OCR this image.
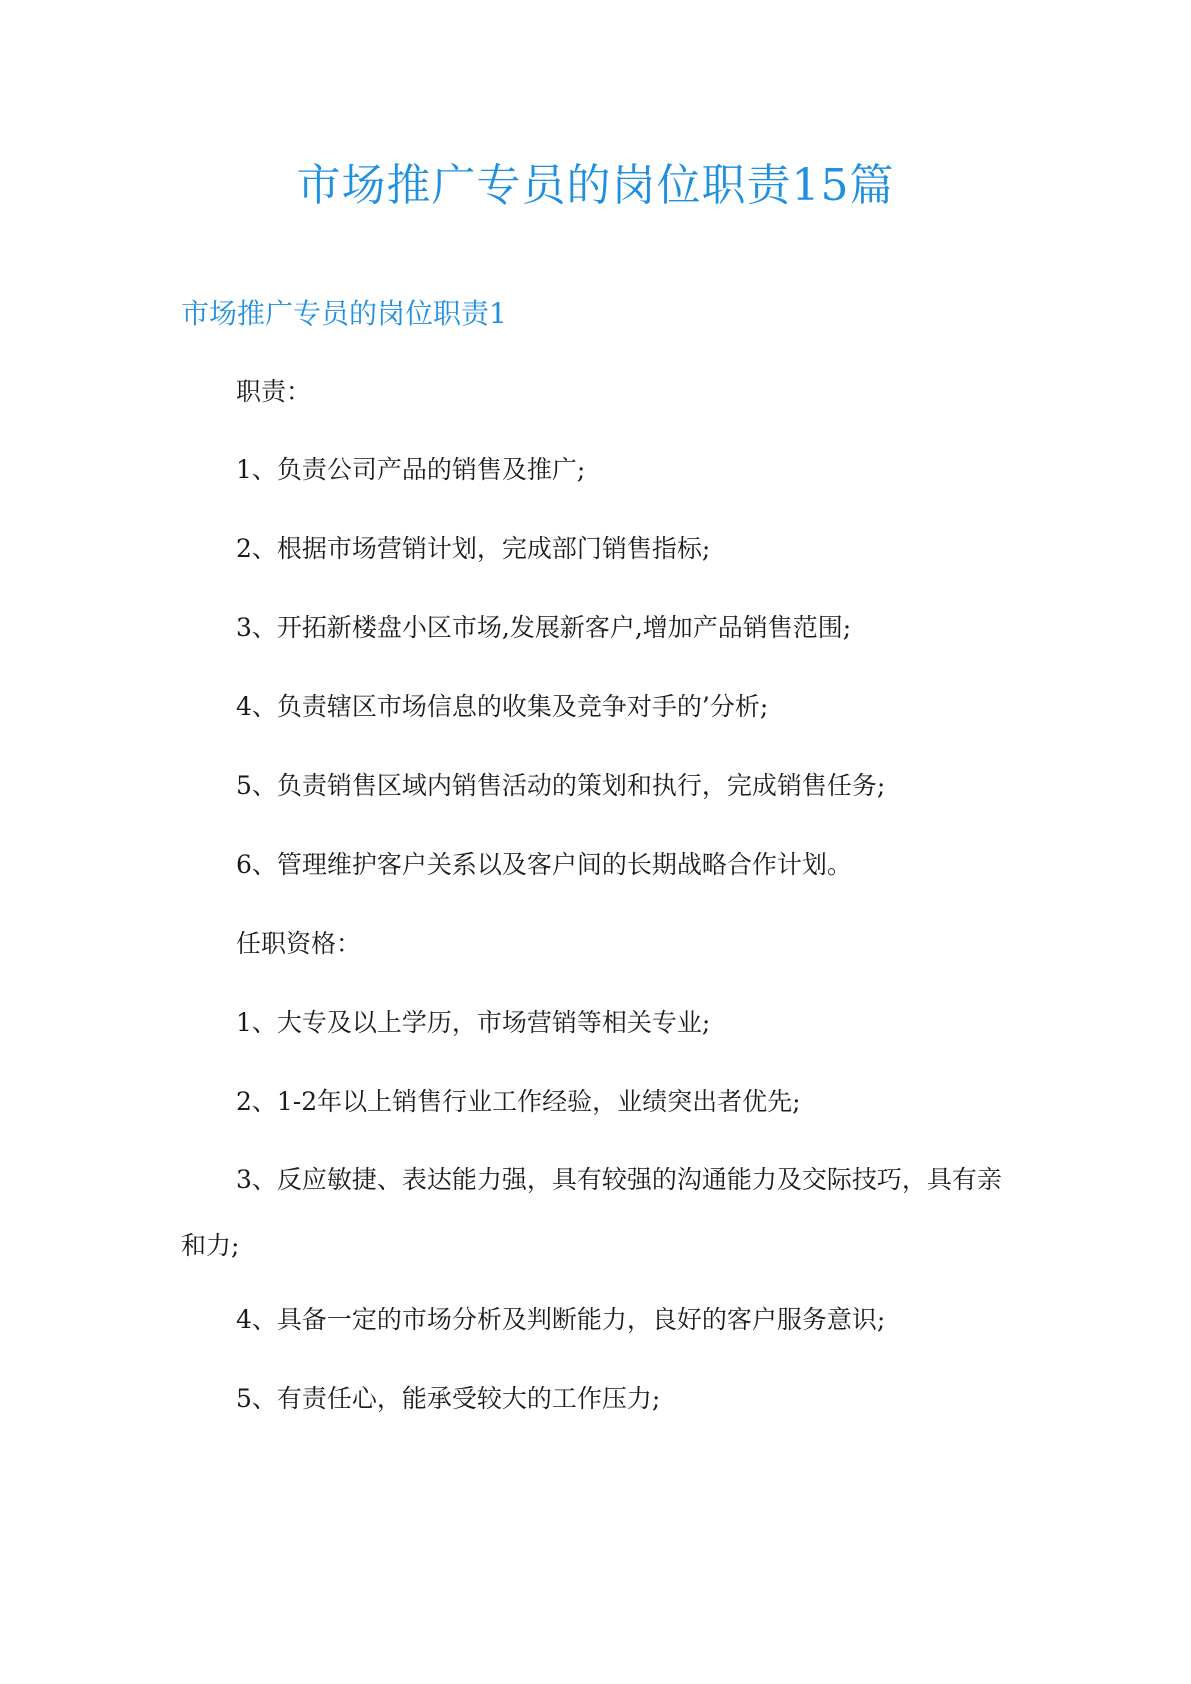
市场推广专员的岗位职责15篇
市场推广专员的岗位职责1

职责：

1、负责公司产品的销售及推广;

2、根据市场营销计划，完成部门销售指标;

3、开拓新楼盘小区市场,发展新客户,增加产品销售范围;

4、负责辖区市场信息的收集及竞争对手的’分析;

5、负责销售区域内销售活动的策划和执行，完成销售任务;

6、管理维护客户关系以及客户间的长期战略合作计划。

任职资格：

1、大专及以上学历，市场营销等相关专业;

2、1-2年以上销售行业工作经验，业绩突出者优先;

3、反应敏捷、表达能力强，具有较强的沟通能力及交际技巧，具有亲和力;

4、具备一定的市场分析及判断能力，良好的客户服务意识;

5、有责任心，能承受较大的工作压力;
